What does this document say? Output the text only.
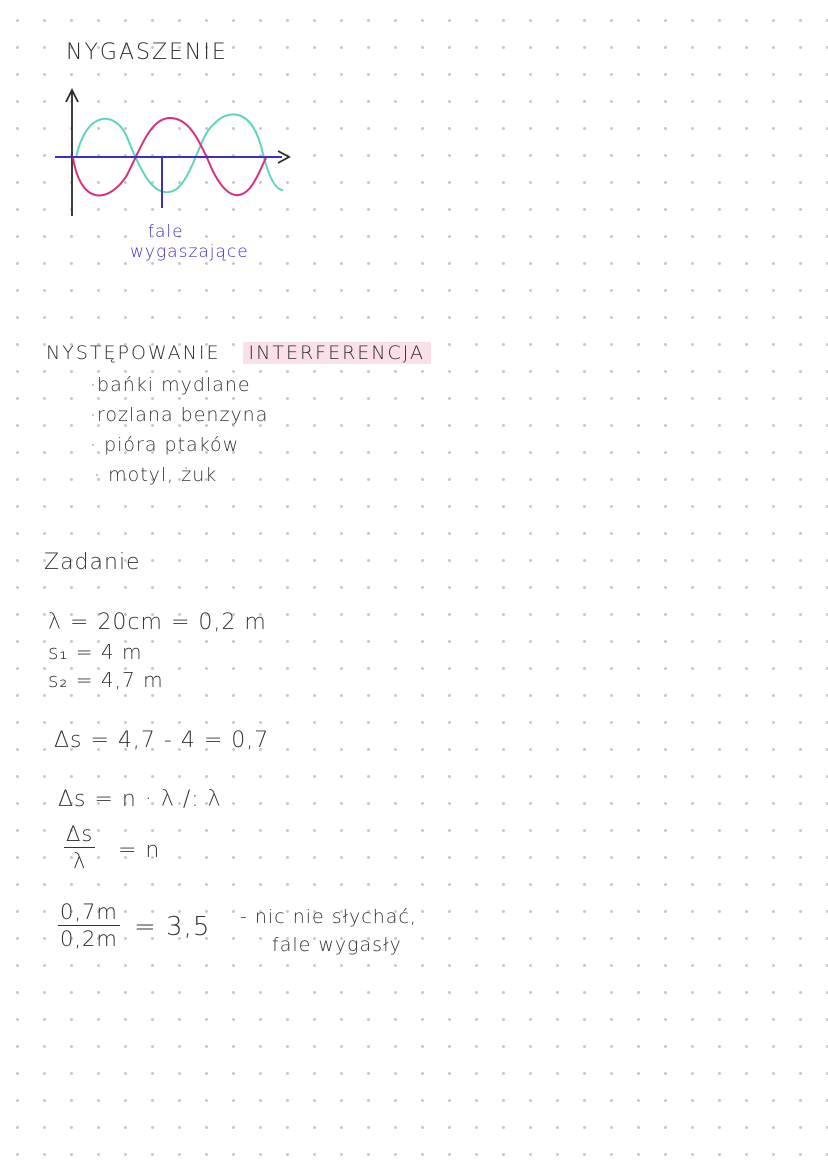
NYGASZENIE
fale
wygaszające
NYSTĘPOWANIE INTERFERENCJA
·bańki mydlane
·rozlana benzyna
· pióra ptaków
· motyl, żuk
Zadanie
λ = 20cm = 0,2 m
s₁ = 4 m
s₂ = 4,7 m
Δs = 4,7 - 4 = 0,7
Δs = n · λ /: λ
Δs
λ = n
0,7m
0,2m = 3,5 - nic nie słychać,
fale wygasły
